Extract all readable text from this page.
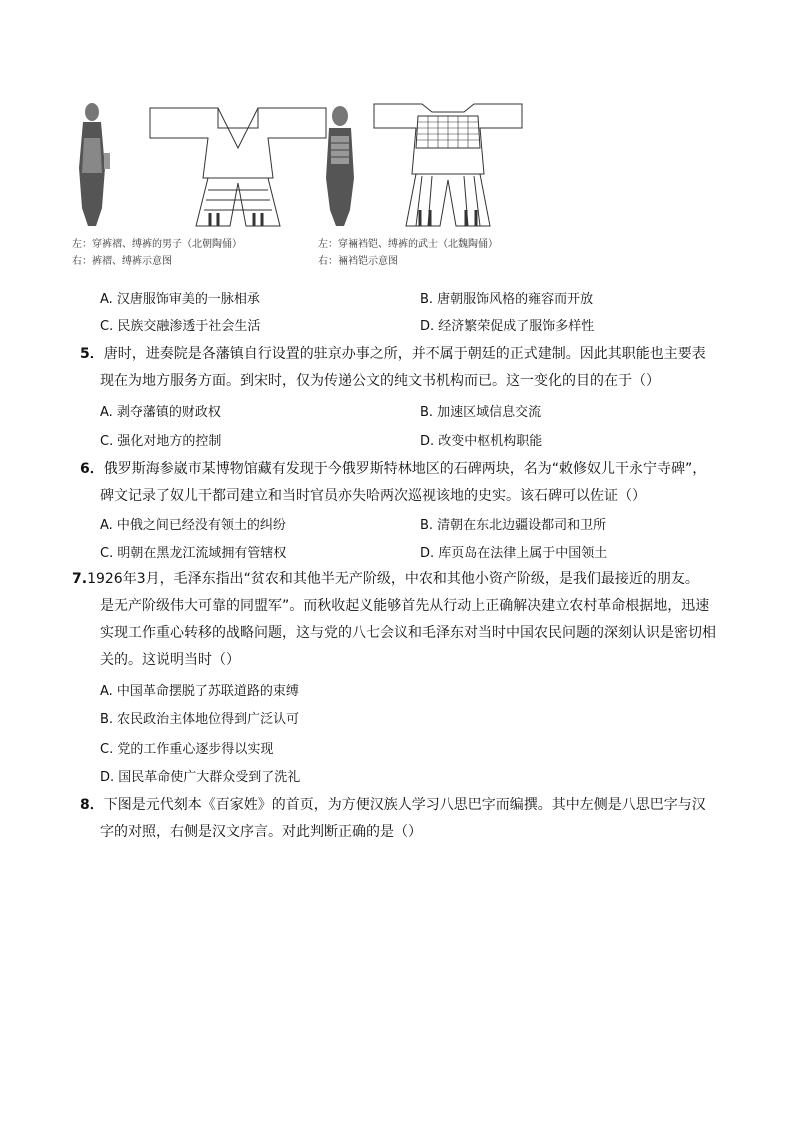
左：穿裤褶、缚裤的男子（北朝陶俑）
右：裤褶、缚裤示意图
左：穿裲裆铠、缚裤的武士（北魏陶俑）
右：裲裆铠示意图
A. 汉唐服饰审美的一脉相承	B. 唐朝服饰风格的雍容而开放
C. 民族交融渗透于社会生活	D. 经济繁荣促成了服饰多样性
5．唐时，进奏院是各藩镇自行设置的驻京办事之所，并不属于朝廷的正式建制。因此其职能也主要表
现在为地方服务方面。到宋时，仅为传递公文的纯文书机构而已。这一变化的目的在于（）
A. 剥夺藩镇的财政权	B. 加速区域信息交流
C. 强化对地方的控制	D. 改变中枢机构职能
6．俄罗斯海参崴市某博物馆藏有发现于今俄罗斯特林地区的石碑两块，名为“敕修奴儿干永宁寺碑”，
碑文记录了奴儿干都司建立和当时官员亦失哈两次巡视该地的史实。该石碑可以佐证（）
A. 中俄之间已经没有领土的纠纷	B. 清朝在东北边疆设都司和卫所
C. 明朝在黑龙江流域拥有管辖权	D. 库页岛在法律上属于中国领土
7.1926年3月，毛泽东指出“贫农和其他半无产阶级，中农和其他小资产阶级，是我们最接近的朋友。
是无产阶级伟大可靠的同盟军”。而秋收起义能够首先从行动上正确解决建立农村革命根据地，迅速
实现工作重心转移的战略问题，这与党的八七会议和毛泽东对当时中国农民问题的深刻认识是密切相
关的。这说明当时（）
A. 中国革命摆脱了苏联道路的束缚
B. 农民政治主体地位得到广泛认可
C. 党的工作重心逐步得以实现
D. 国民革命使广大群众受到了洗礼
8．下图是元代刻本《百家姓》的首页，为方便汉族人学习八思巴字而编撰。其中左侧是八思巴字与汉
字的对照，右侧是汉文序言。对此判断正确的是（）
